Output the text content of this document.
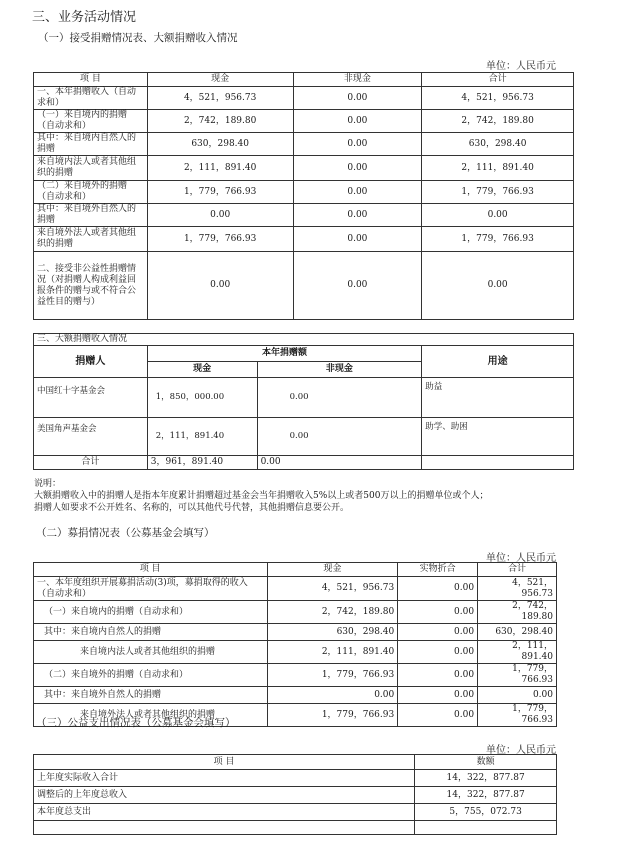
三、业务活动情况
（一）接受捐赠情况表、大额捐赠收入情况
单位：人民币元
项 目	现金	非现金	合计
一、本年捐赠收入（自动求和）	4，521，956.73	0.00	4，521，956.73
（一）来自境内的捐赠（自动求和）	2，742，189.80	0.00	2，742，189.80
其中：来自境内自然人的捐赠	630，298.40	0.00	630，298.40
来自境内法人或者其他组织的捐赠	2，111，891.40	0.00	2，111，891.40
（二）来自境外的捐赠（自动求和）	1，779，766.93	0.00	1，779，766.93
其中：来自境外自然人的捐赠	0.00	0.00	0.00
来自境外法人或者其他组织的捐赠	1，779，766.93	0.00	1，779，766.93
二、接受非公益性捐赠情况（对捐赠人构成利益回报条件的赠与或不符合公益性目的赠与）	0.00	0.00	0.00
三、大额捐赠收入情况			
捐赠人	本年捐赠额		用途
	现金	非现金	
中国红十字基金会	1，850，000.00	0.00	助益
美国角声基金会	2，111，891.40	0.00	助学、助困
合计	3，961，891.40	0.00	
说明：
大额捐赠收入中的捐赠人是指本年度累计捐赠超过基金会当年捐赠收入5%以上或者500万以上的捐赠单位或个人；
捐赠人如要求不公开姓名、名称的，可以其他代号代替，其他捐赠信息要公开。
（二）募捐情况表（公募基金会填写）
单位：人民币元
项 目	现金	实物折合	合计
一、本年度组织开展募捐活动(3)项，募捐取得的收入（自动求和）	4，521，956.73	0.00	4，521，956.73
（一）来自境内的捐赠（自动求和）	2，742，189.80	0.00	2，742，189.80
其中：来自境内自然人的捐赠	630，298.40	0.00	630，298.40
来自境内法人或者其他组织的捐赠	2，111，891.40	0.00	2，111，891.40
（二）来自境外的捐赠（自动求和）	1，779，766.93	0.00	1，779，766.93
其中：来自境外自然人的捐赠	0.00	0.00	0.00
来自境外法人或者其他组织的捐赠	1，779，766.93	0.00	1，779，766.93
（三）公益支出情况表（公募基金会填写）
单位：人民币元
项 目	数额
上年度实际收入合计	14，322，877.87
调整后的上年度总收入	14，322，877.87
本年度总支出	5，755，072.73
